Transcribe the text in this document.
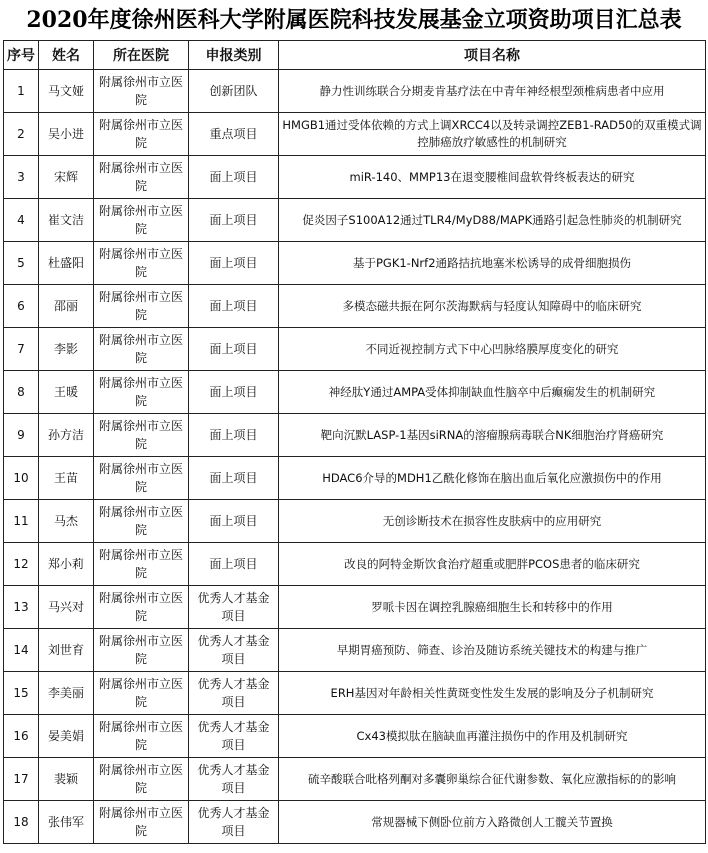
2020年度徐州医科大学附属医院科技发展基金立项资助项目汇总表
序号	姓名	所在医院	申报类别	项目名称
1	马文娅	附属徐州市立医院	创新团队	静力性训练联合分期麦肯基疗法在中青年神经根型颈椎病患者中应用
2	吴小进	附属徐州市立医院	重点项目	HMGB1通过受体依赖的方式上调XRCC4以及转录调控ZEB1-RAD50的双重模式调控肺癌放疗敏感性的机制研究
3	宋辉	附属徐州市立医院	面上项目	miR-140、MMP13在退变腰椎间盘软骨终板表达的研究
4	崔文洁	附属徐州市立医院	面上项目	促炎因子S100A12通过TLR4/MyD88/MAPK通路引起急性肺炎的机制研究
5	杜盛阳	附属徐州市立医院	面上项目	基于PGK1-Nrf2通路拮抗地塞米松诱导的成骨细胞损伤
6	邵丽	附属徐州市立医院	面上项目	多模态磁共振在阿尔茨海默病与轻度认知障碍中的临床研究
7	李影	附属徐州市立医院	面上项目	不同近视控制方式下中心凹脉络膜厚度变化的研究
8	王暖	附属徐州市立医院	面上项目	神经肽Y通过AMPA受体抑制缺血性脑卒中后癫痫发生的机制研究
9	孙方洁	附属徐州市立医院	面上项目	靶向沉默LASP-1基因siRNA的溶瘤腺病毒联合NK细胞治疗肾癌研究
10	王苗	附属徐州市立医院	面上项目	HDAC6介导的MDH1乙酰化修饰在脑出血后氧化应激损伤中的作用
11	马杰	附属徐州市立医院	面上项目	无创诊断技术在损容性皮肤病中的应用研究
12	郑小莉	附属徐州市立医院	面上项目	改良的阿特金斯饮食治疗超重或肥胖PCOS患者的临床研究
13	马兴对	附属徐州市立医院	优秀人才基金项目	罗哌卡因在调控乳腺癌细胞生长和转移中的作用
14	刘世育	附属徐州市立医院	优秀人才基金项目	早期胃癌预防、筛查、诊治及随访系统关键技术的构建与推广
15	李美丽	附属徐州市立医院	优秀人才基金项目	ERH基因对年龄相关性黄斑变性发生发展的影响及分子机制研究
16	晏美娟	附属徐州市立医院	优秀人才基金项目	Cx43模拟肽在脑缺血再灌注损伤中的作用及机制研究
17	裴颖	附属徐州市立医院	优秀人才基金项目	硫辛酸联合吡格列酮对多囊卵巢综合征代谢参数、氧化应激指标的的影响
18	张伟军	附属徐州市立医院	优秀人才基金项目	常规器械下侧卧位前方入路微创人工髋关节置换
